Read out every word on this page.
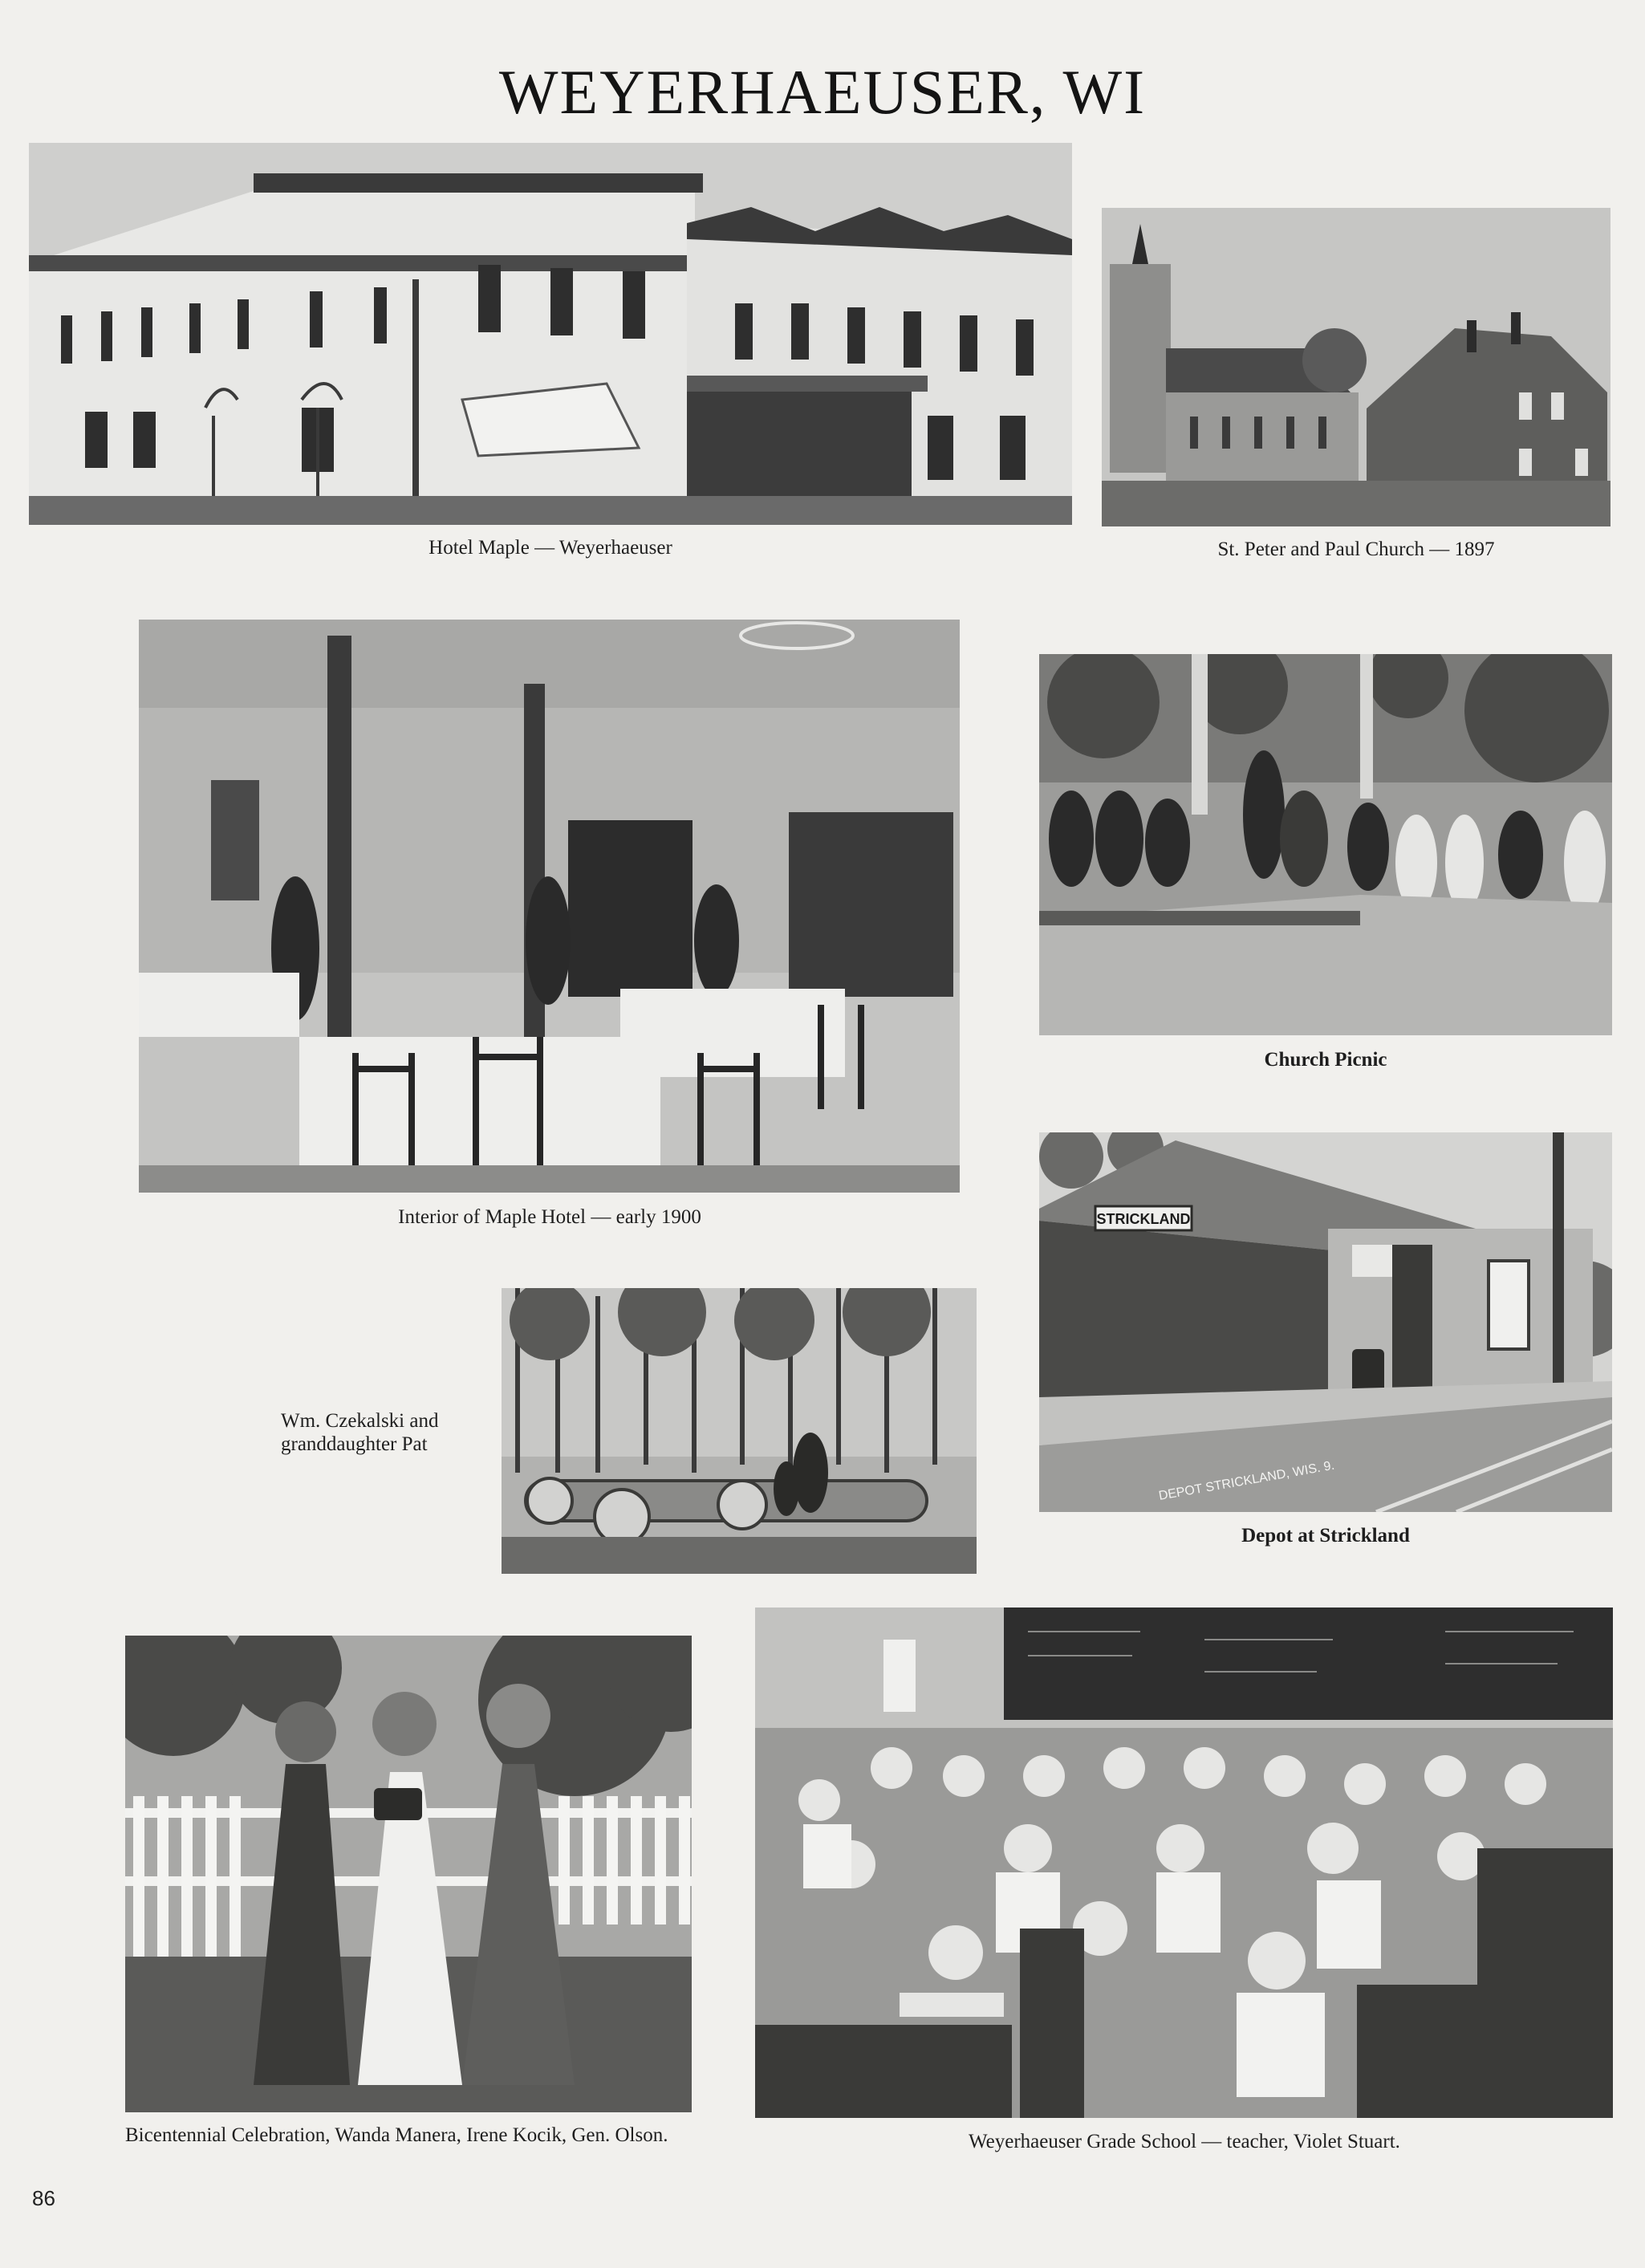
WEYERHAEUSER, WI
Hotel Maple — Weyerhaeuser	St. Peter and Paul Church — 1897
Interior of Maple Hotel — early 1900
Church Picnic
Wm. Czekalski and granddaughter Pat
STRICKLAND
DEPOT STRICKLAND, WIS. 9.
Depot at Strickland
Bicentennial Celebration, Wanda Manera, Irene Kocik, Gen. Olson.	Weyerhaeuser Grade School — teacher, Violet Stuart.
86
